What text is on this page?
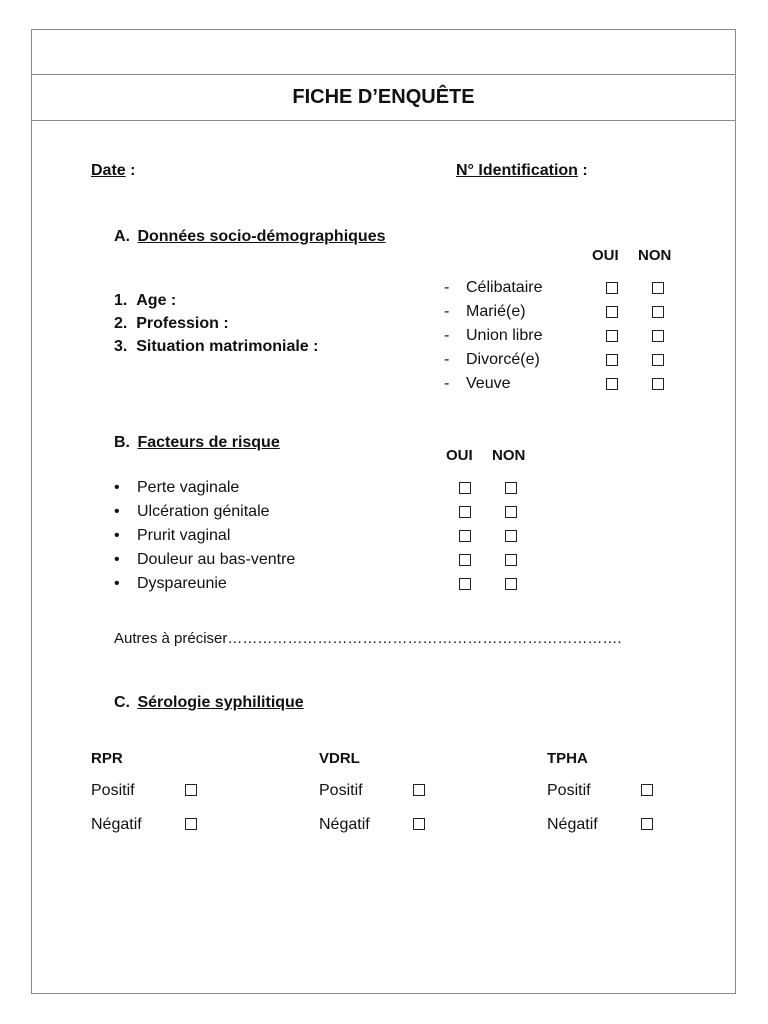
FICHE D’ENQUÊTE
Date :	N° Identification :
A. Données socio-démographiques
OUI NON
1. Age :
2. Profession :
3. Situation matrimoniale :
- Célibataire
- Marié(e)
- Union libre
- Divorcé(e)
- Veuve
B. Facteurs de risque
OUI NON
• Perte vaginale
• Ulcération génitale
• Prurit vaginal
• Douleur au bas-ventre
• Dyspareunie
Autres à préciser…………………………………………………………………….
C. Sérologie syphilitique
RPR
Positif
Négatif
VDRL
Positif
Négatif
TPHA
Positif
Négatif
